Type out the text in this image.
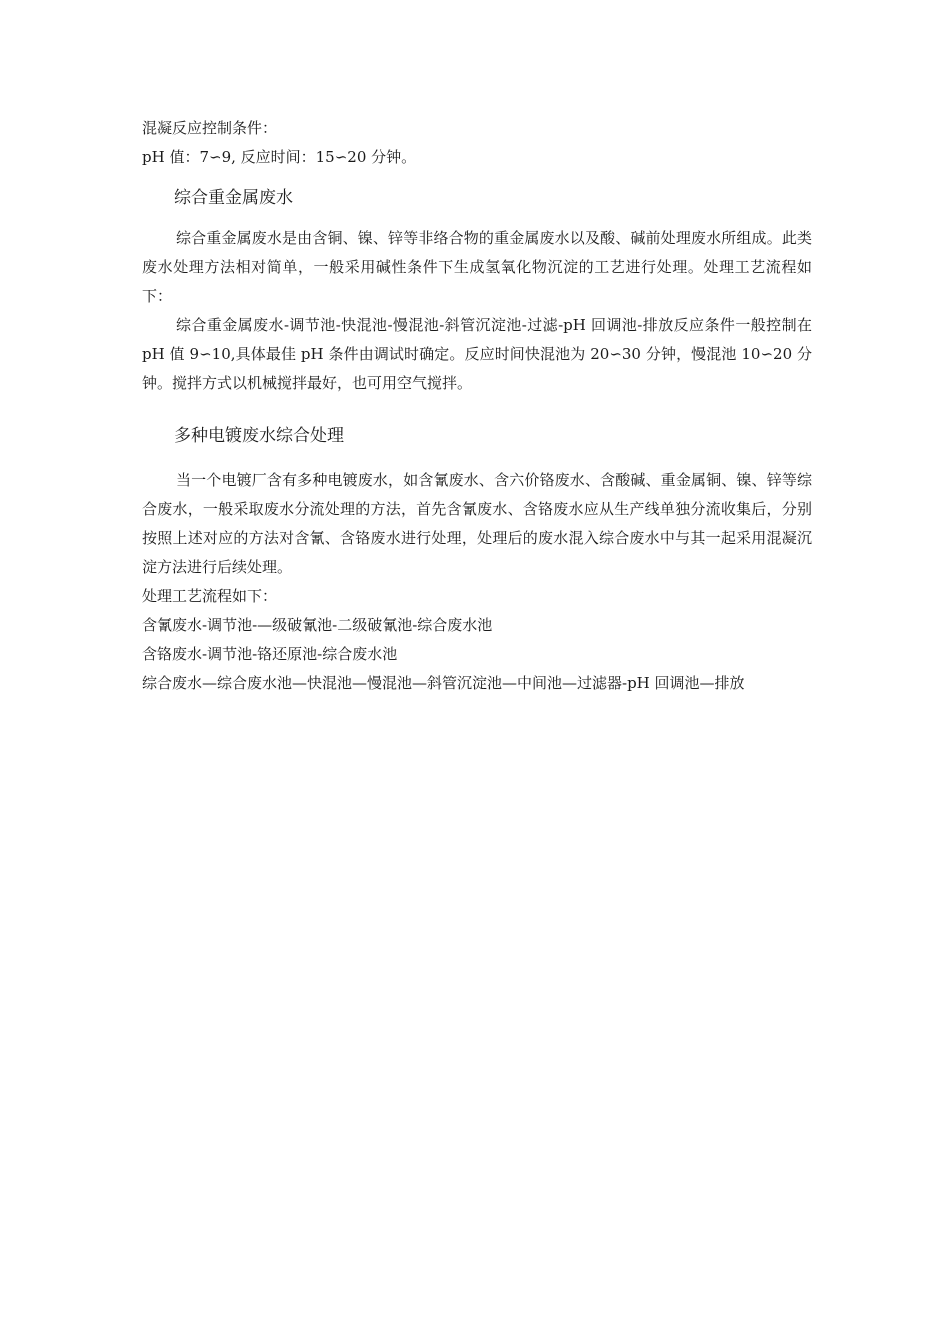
混凝反应控制条件：
pH 值：7∽9, 反应时间：15∽20 分钟。
综合重金属废水

综合重金属废水是由含铜、镍、锌等非络合物的重金属废水以及酸、碱前处理废水所组成。此类废水处理方法相对简单，一般采用碱性条件下生成氢氧化物沉淀的工艺进行处理。处理工艺流程如下：

综合重金属废水-调节池-快混池-慢混池-斜管沉淀池-过滤-pH 回调池-排放反应条件一般控制在 pH 值 9∽10,具体最佳 pH 条件由调试时确定。反应时间快混池为 20∽30 分钟，慢混池 10∽20 分钟。搅拌方式以机械搅拌最好，也可用空气搅拌。

多种电镀废水综合处理

当一个电镀厂含有多种电镀废水，如含氰废水、含六价铬废水、含酸碱、重金属铜、镍、锌等综合废水，一般采取废水分流处理的方法，首先含氰废水、含铬废水应从生产线单独分流收集后，分别按照上述对应的方法对含氰、含铬废水进行处理，处理后的废水混入综合废水中与其一起采用混凝沉淀方法进行后续处理。

处理工艺流程如下：
含氰废水-调节池-—级破氰池-二级破氰池-综合废水池
含铬废水-调节池-铬还原池-综合废水池

综合废水—综合废水池—快混池—慢混池—斜管沉淀池—中间池—过滤器-pH 回调池—排放
